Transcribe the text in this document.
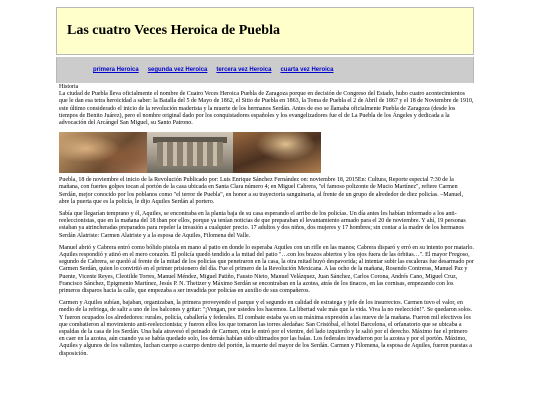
Las cuatro Veces Heroica de Puebla
primera Heroica segunda vez Heroica tercera vez Heroica cuarta vez Heroica
Historia

La ciudad de Puebla lleva oficialmente el nombre de Cuatro Veces Heroica Puebla de Zaragoza porque en decisión de Congreso del Estado, hubo cuatro acontecimientos que le dan esa tetra heroicidad a saber: la Batalla del 5 de Mayo de 1862, el Sitio de Puebla en 1863, la Toma de Puebla el 2 de Abril de 1867 y el 18 de Noviembre de 1910, este último considerado el inicio de la revolución maderista y la muerte de los hermanos Serdán. Antes de eso se llamaba oficialmente Puebla de Zaragoza (desde los tiempos de Benito Juárez), pero el nombre original dado por los conquistadores españoles y los evangelizadores fue el de La Puebla de los Ángeles y dedicada a la advocación del Arcángel San Miguel, su Santo Patrono.

Puebla, 18 de noviembre el inicio de la Revolución Publicado por: Luis Enrique Sánchez Fernández on: noviembre 18, 2015En: Cultura, Reporte especial 7:30 de la mañana, con fuertes golpes tocan al portón de la casa ubicada en Santa Clara número 4; en Miguel Cabrera, "el famoso polizonte de Mucio Martínez", refiere Carmen Serdán, mejor conocido por los poblanos como "el terror de Puebla", en honor a su trayectoria sanguinaria, al frente de un grupo de alrededor de diez policías. –Manuel, abre la puerta que es la policía, le dijo Aquiles Serdán al portero.

Sabía que llegarían temprano y él, Aquiles, se encontraba en la planta baja de su casa esperando el arribo de los policías. Un día antes les habían informado a los anti-reeleccionistas, que en la mañana del 18 iban por ellos, porque ya tenían noticias de que preparaban el levantamiento armado para el 20 de noviembre. Y ahí, 19 personas estaban ya atrincheradas preparados para repeler la invasión a cualquier precio. 17 adultos y dos niños, dos mujeres y 17 hombres; sin contar a la madre de los hermanos Serdán Alatriste: Carmen Alatriste y a la esposa de Aquiles, Filomena del Valle.

Manuel abrió y Cabrera entró como bólido pistola en mano al patio en donde lo esperaba Aquiles con un rifle en las manos; Cabrera disparó y erró en su intento por matarlo. Aquiles respondió y atinó en el mero corazón. El policía quedó tendido a la mitad del patio "…con los brazos abiertos y los ojos fuera de las órbitas…". El mayor Fregoso, segundo de Cabrera, se quedó al frente de la mitad de los policías que penetraron en la casa, la otra mitad huyó despavorida; al intentar subir las escaleras fue desarmado por Carmen Serdán, quien lo convirtió en el primer prisionero del día. Fue el primero de la Revolución Mexicana. A las ocho de la mañana, Rosendo Contreras, Manuel Paz y Puente, Vicente Reyes, Cleotilde Torres, Manuel Méndez, Miguel Patiño, Fausto Nieto, Manuel Velázquez, Juan Sánchez, Carlos Corona, Andrés Cano, Miguel Cruz, Francisco Sánchez, Epigmenio Martínez, Jesús P. N. Thetizer y Máximo Serdán se encontraban en la azotea, atrás de los tinacos, en las cornisas, empezando con los primeros disparos hacia la calle, que empezaba a ser invadida por policías en auxilio de sus compañeros.

Carmen y Aquiles subían, bajaban, organizaban, la primera proveyendo el parque y el segundo en calidad de estratega y jefe de los insurrectos. Carmen tuvo el valor, en medio de la refriega, de salir a uno de los balcones y gritar: "¡Vengan, por ustedes los hacemos. La libertad vale más que la vida. Viva la no reelección!". Se quedaron solos. Y fueron ocupados los alrededores: rurales, policía, caballería y federales. El combate estaba ya en su máxima expresión a las nueve de la mañana. Fueron mil efectivos los que combatieron al movimiento anti-reeleccionista; y fueron ellos los que tomaron las torres aledañas: San Cristóbal, el hotel Barcelona, el orfanatorio que se ubicaba a espaldas de la casa de los Serdán. Una bala atravesó el peinado de Carmen, otra le entró por el vientre, del lado izquierdo y le salió por el derecho. Máximo fue el primero en caer en la azotea, aún cuando ya se había quedado solo, los demás habían sido ultimados por las balas. Los federales invadieron por la azotea y por el portón. Máximo, Aquiles y algunos de los valientes, luchan cuerpo a cuerpo dentro del portón, la muerte del mayor de los Serdán. Carmen y Filomena, la esposa de Aquiles, fueron puestas a disposición.
